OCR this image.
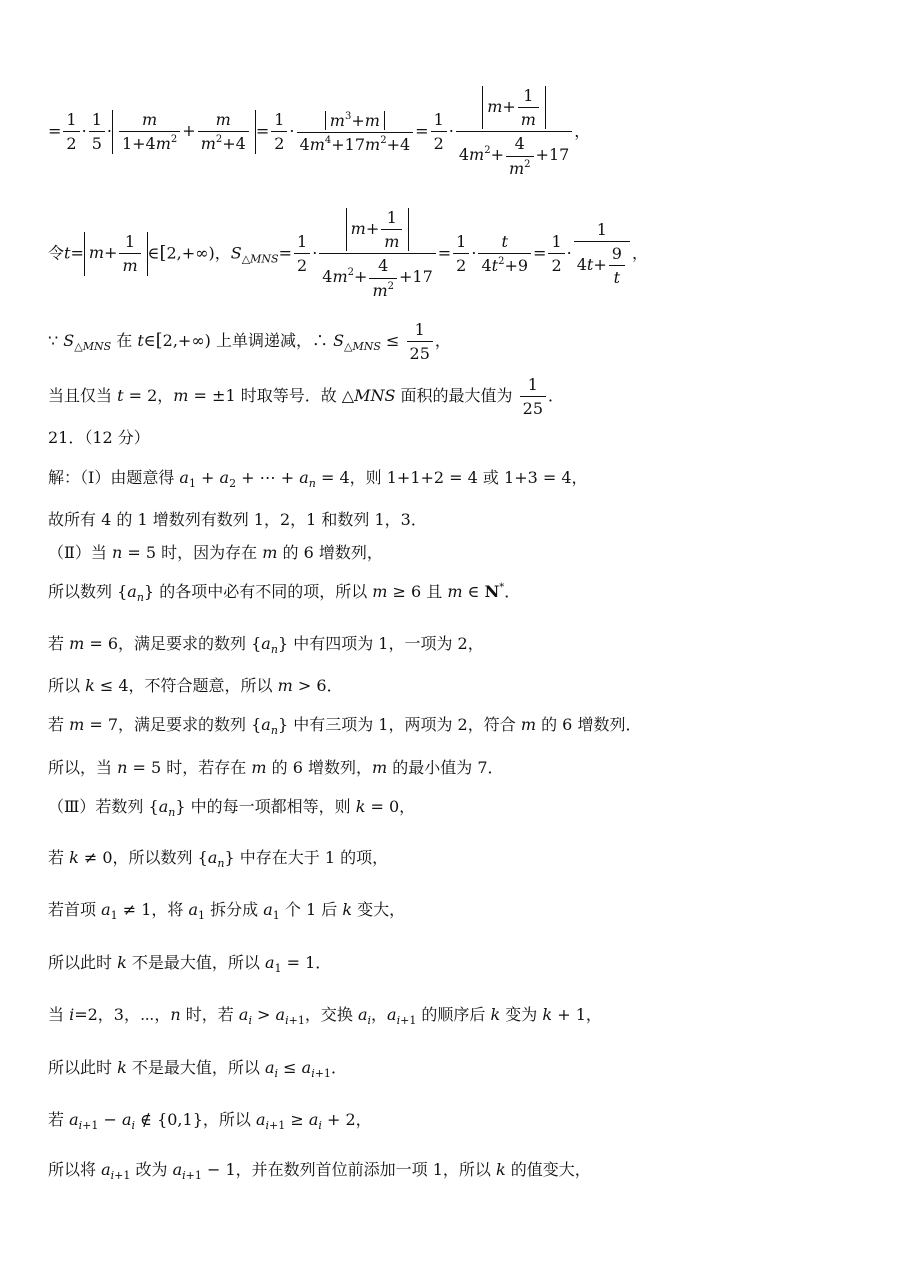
= $\frac{1}{2} \cdot \frac{1}{5} \cdot \frac{m}{1+4m^2} + \frac{m}{m^2+4} = \frac{1}{2} \cdot \frac{m^3+m}{4m^4+17m^2+4} = \frac{1}{2} \cdot \frac{m+ \frac{1}{m}}{4m^2+ \frac{4}{m^2} +17}$ ，
令$t= m+ \frac{1}{m}$ ∈[2,+∞)，$S_{\triangle MNS}= \frac{1}{2} \cdot \frac{m+ \frac{1}{m}}{4m^2+ \frac{4}{m^2} +17} = \frac{1}{2} \cdot \frac{t}{4t^2+9} = \frac{1}{2} \cdot \frac{1}{4t+ \frac{9}{t}}$ ，
∵ $S_{\triangle MNS}$ 在 t∈[2,+∞) 上单调递减，∴ $S_{\triangle MNS} \le \frac{1}{25}$ ，
当且仅当 t = 2，m = ±1 时取等号．故 △MNS 面积的最大值为 $\frac{1}{25}$ ．
21．（12 分）
解：（Ⅰ）由题意得 $a_1 + a_2$ + ⋯ + $a_n = 4$，则 1+1+2 = 4 或 1+3 = 4，
故所有 4 的 1 增数列有数列 1，2，1 和数列 1，3．
（Ⅱ）当 n = 5 时，因为存在 m 的 6 增数列，
所以数列 $\{a_n\}$ 的各项中必有不同的项，所以 m ≥ 6 且 m ∈ N*．
若 m = 6，满足要求的数列 $\{a_n\}$ 中有四项为 1，一项为 2，
所以 k ≤ 4，不符合题意，所以 m > 6．
若 m = 7，满足要求的数列 $\{a_n\}$ 中有三项为 1，两项为 2，符合 m 的 6 增数列．
所以，当 n = 5 时，若存在 m 的 6 增数列，m 的最小值为 7．
（Ⅲ）若数列 $\{a_n\}$ 中的每一项都相等，则 k = 0，
若 k ≠ 0，所以数列 $\{a_n\}$ 中存在大于 1 的项，
若首项 $a_1 \ne 1$，将 $a_1$ 拆分成 $a_1$ 个 1 后 k 变大，
所以此时 k 不是最大值，所以 $a_1 = 1$．
当 i=2，3，⋯，n 时，若 $a_i > a_{i+1}$，交换 $a_i$，$a_{i+1}$ 的顺序后 k 变为 k + 1，
所以此时 k 不是最大值，所以 $a_i \le a_{i+1}$．
若 $a_{i+1} - a_i$ ∉ {0,1}，所以 $a_{i+1} \ge a_i + 2$，
所以将 $a_{i+1}$ 改为 $a_{i+1} - 1$，并在数列首位前添加一项 1，所以 k 的值变大，
